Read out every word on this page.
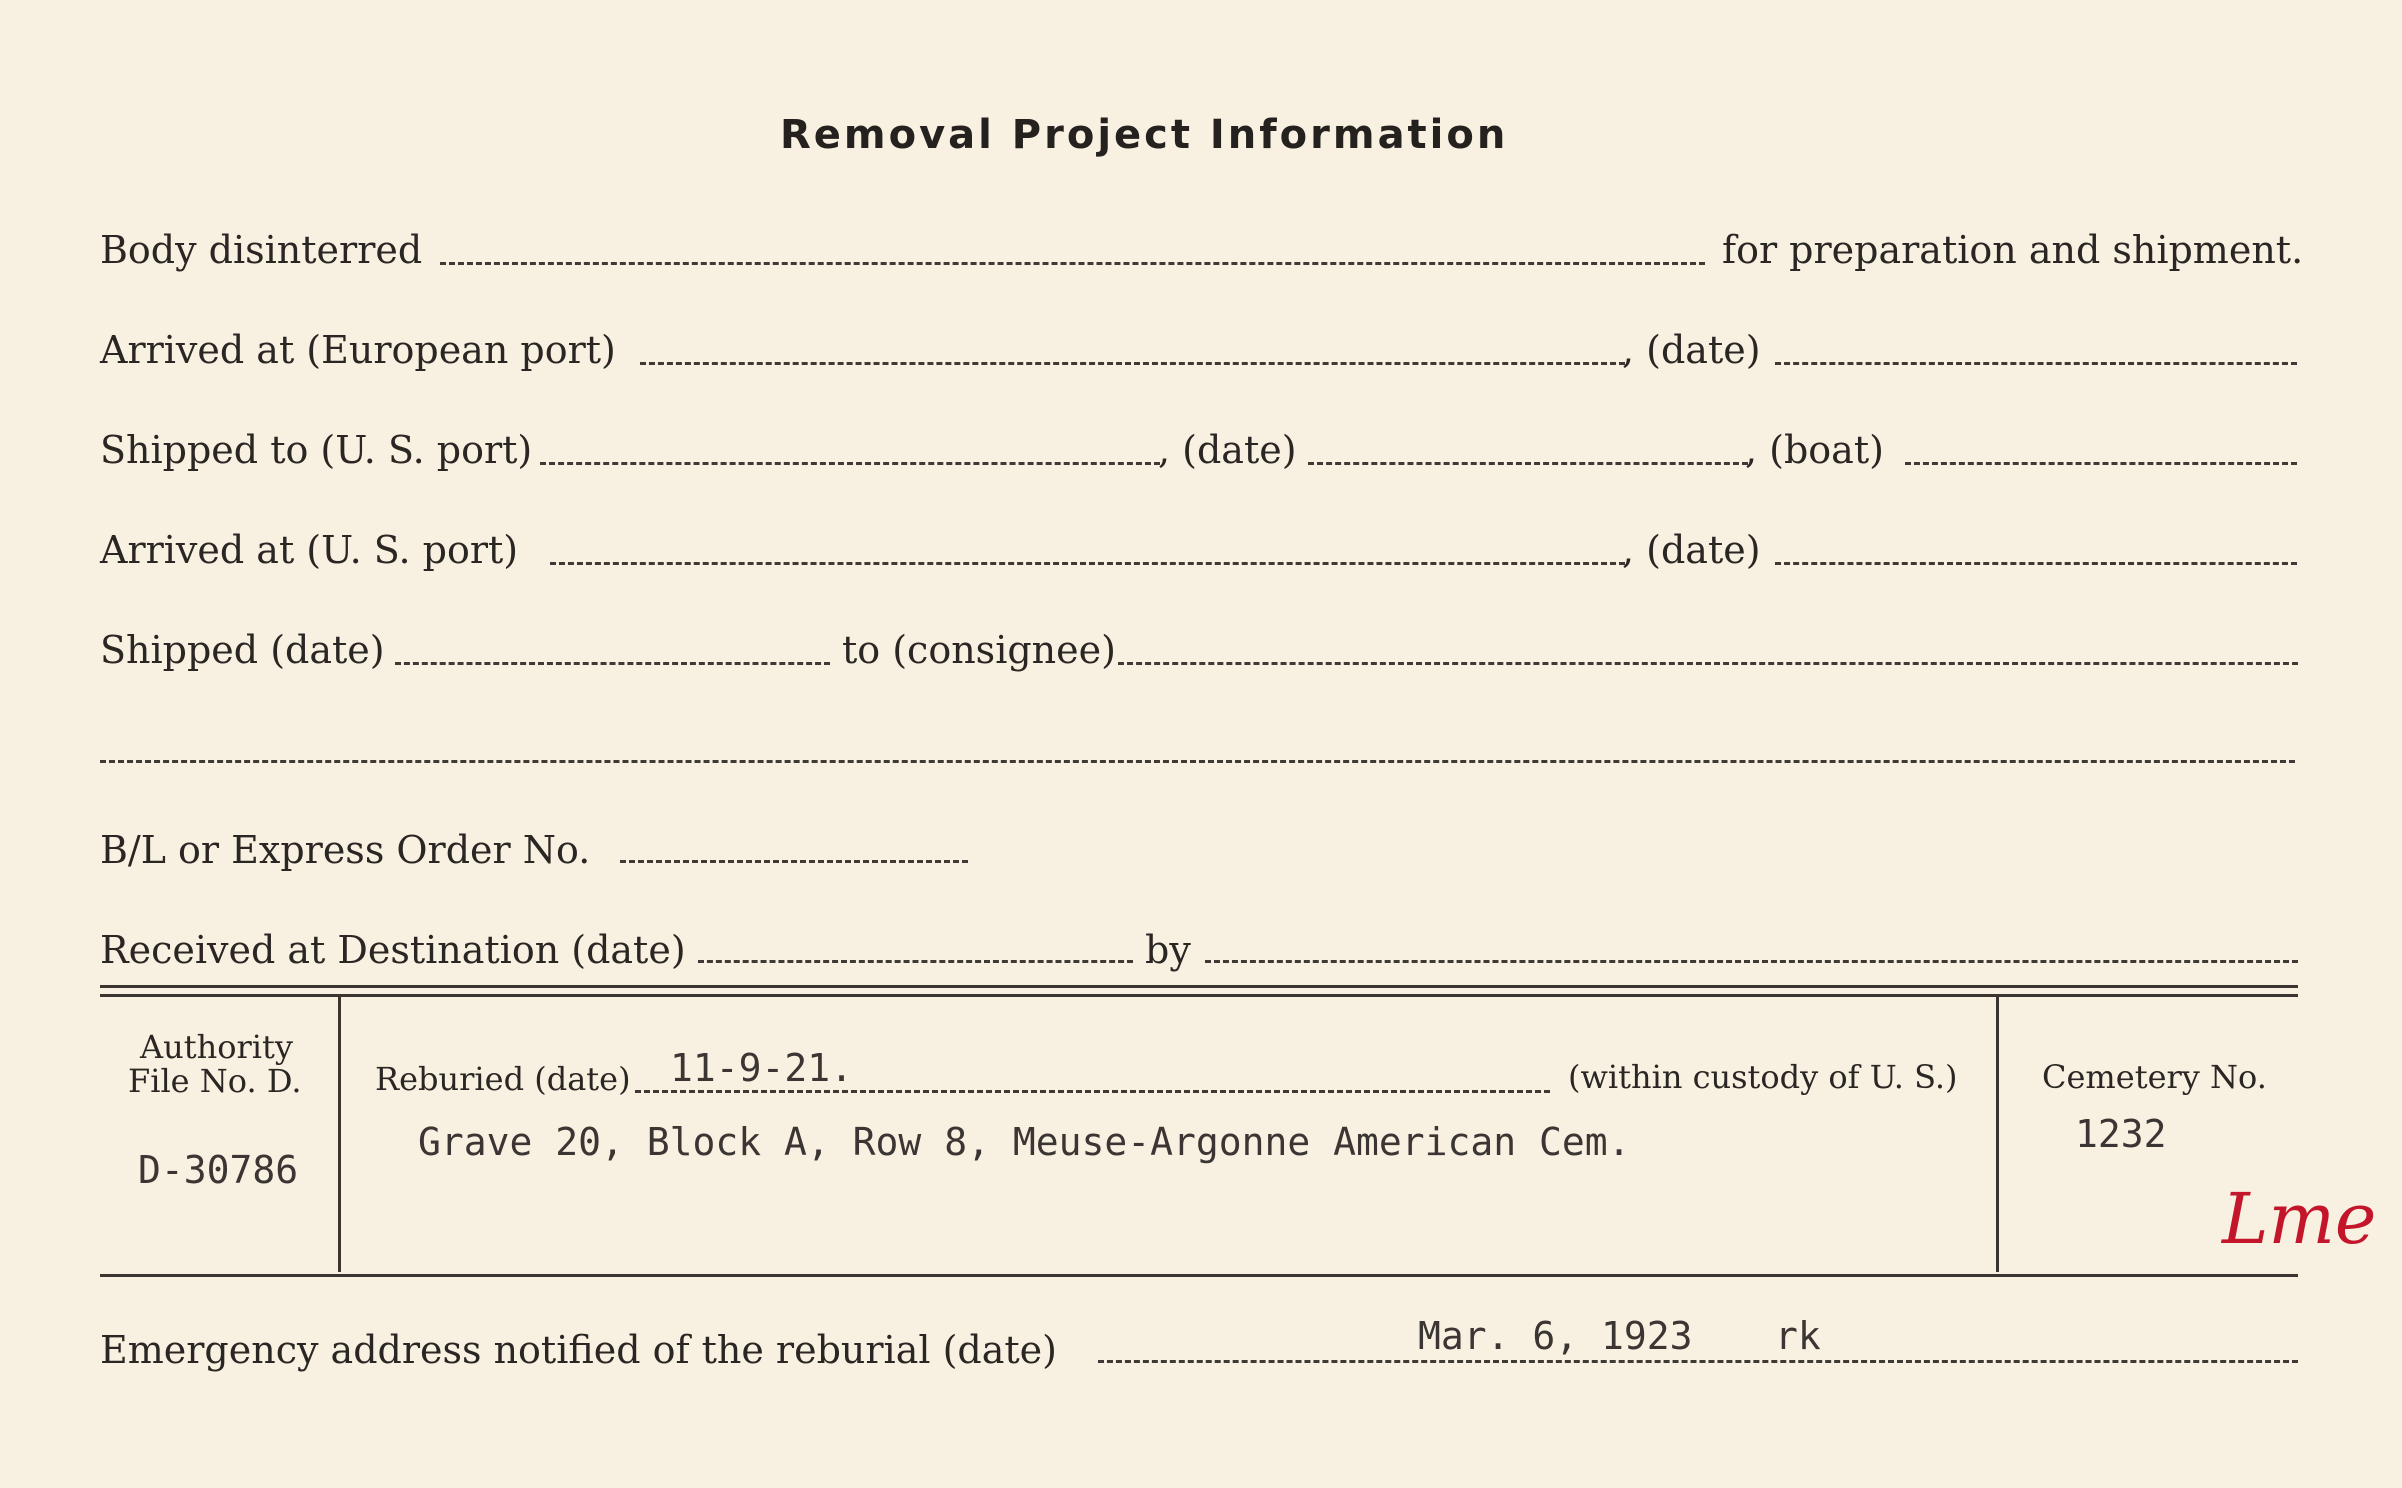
Removal Project Information
Body disinterred	for preparation and shipment.
Arrived at (European port)	, (date)
Shipped to (U. S. port)	, (date)	, (boat)
Arrived at (U. S. port)	, (date)
Shipped (date)	to (consignee)
B/L or Express Order No.
Received at Destination (date)	by
Authority
File No. D.
D-30786
Reburied (date) 11-9-21.	(within custody of U. S.)
Grave 20, Block A, Row 8, Meuse-Argonne American Cem.
Cemetery No.
1232
Lme
Emergency address notified of the reburial (date)	Mar. 6, 1923 rk
